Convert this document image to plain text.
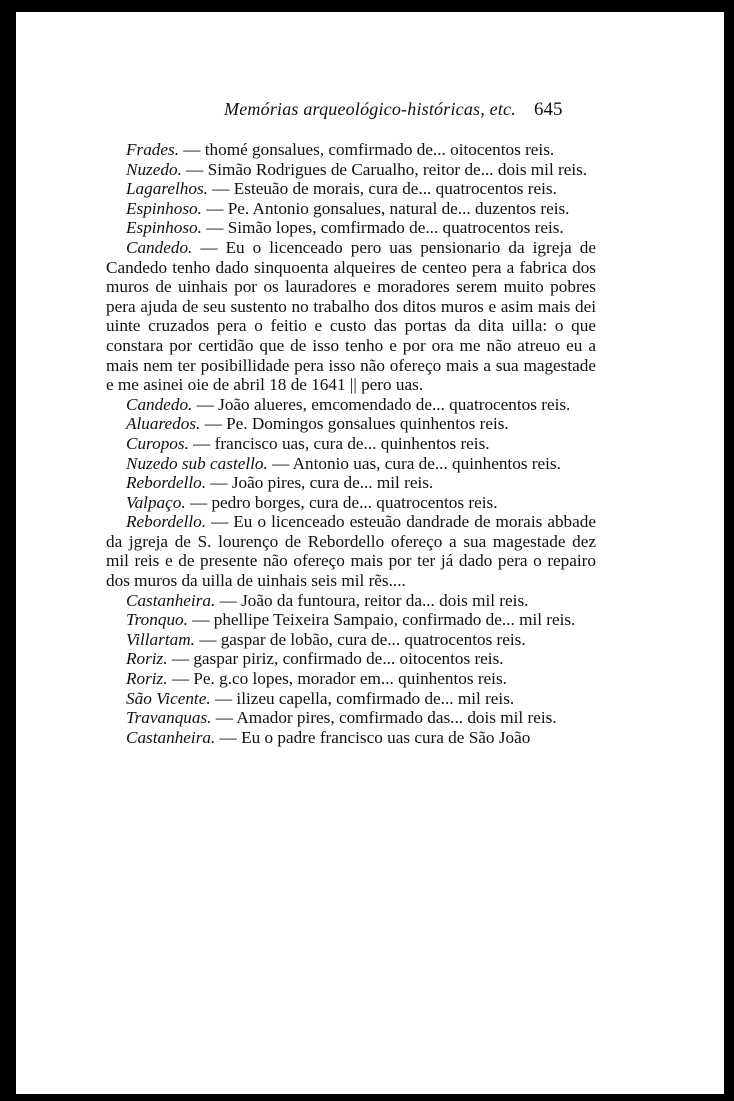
Memórias arqueológico-históricas, etc. 645

Frades. — thomé gonsalues, comfirmado de... oitocentos reis.

Nuzedo. — Simão Rodrigues de Carualho, reitor de... dois mil reis.

Lagarelhos. — Esteuão de morais, cura de... quatrocentos reis.

Espinhoso. — Pe. Antonio gonsalues, natural de... duzentos reis.

Espinhoso. — Simão lopes, comfirmado de... quatrocentos reis.

Candedo. — Eu o licenceado pero uas pensionario da igreja de Candedo tenho dado sinquoenta alqueires de centeo pera a fabrica dos muros de uinhais por os lauradores e moradores serem muito pobres pera ajuda de seu sustento no trabalho dos ditos muros e asim mais dei uinte cruzados pera o feitio e custo das portas da dita uilla: o que constara por certidão que de isso tenho e por ora me não atreuo eu a mais nem ter posibillidade pera isso não ofereço mais a sua magestade e me asinei oie de abril 18 de 1641 || pero uas.

Candedo. — João alueres, emcomendado de... quatrocentos reis.

Aluaredos. — Pe. Domingos gonsalues quinhentos reis.

Curopos. — francisco uas, cura de... quinhentos reis.

Nuzedo sub castello. — Antonio uas, cura de... quinhentos reis.

Rebordello. — João pires, cura de... mil reis.

Valpaço. — pedro borges, cura de... quatrocentos reis.

Rebordello. — Eu o licenceado esteuão dandrade de morais abbade da jgreja de S. lourenço de Rebordello ofereço a sua magestade dez mil reis e de presente não ofereço mais por ter já dado pera o repairo dos muros da uilla de uinhais seis mil rẽs....

Castanheira. — João da funtoura, reitor da... dois mil reis.

Tronquo. — phellipe Teixeira Sampaio, confirmado de... mil reis.

Villartam. — gaspar de lobão, cura de... quatrocentos reis.

Roriz. — gaspar piriz, confirmado de... oitocentos reis.

Roriz. — Pe. g.co lopes, morador em... quinhentos reis.

São Vicente. — ilizeu capella, comfirmado de... mil reis.

Travanquas. — Amador pires, comfirmado das... dois mil reis.

Castanheira. — Eu o padre francisco uas cura de São João
